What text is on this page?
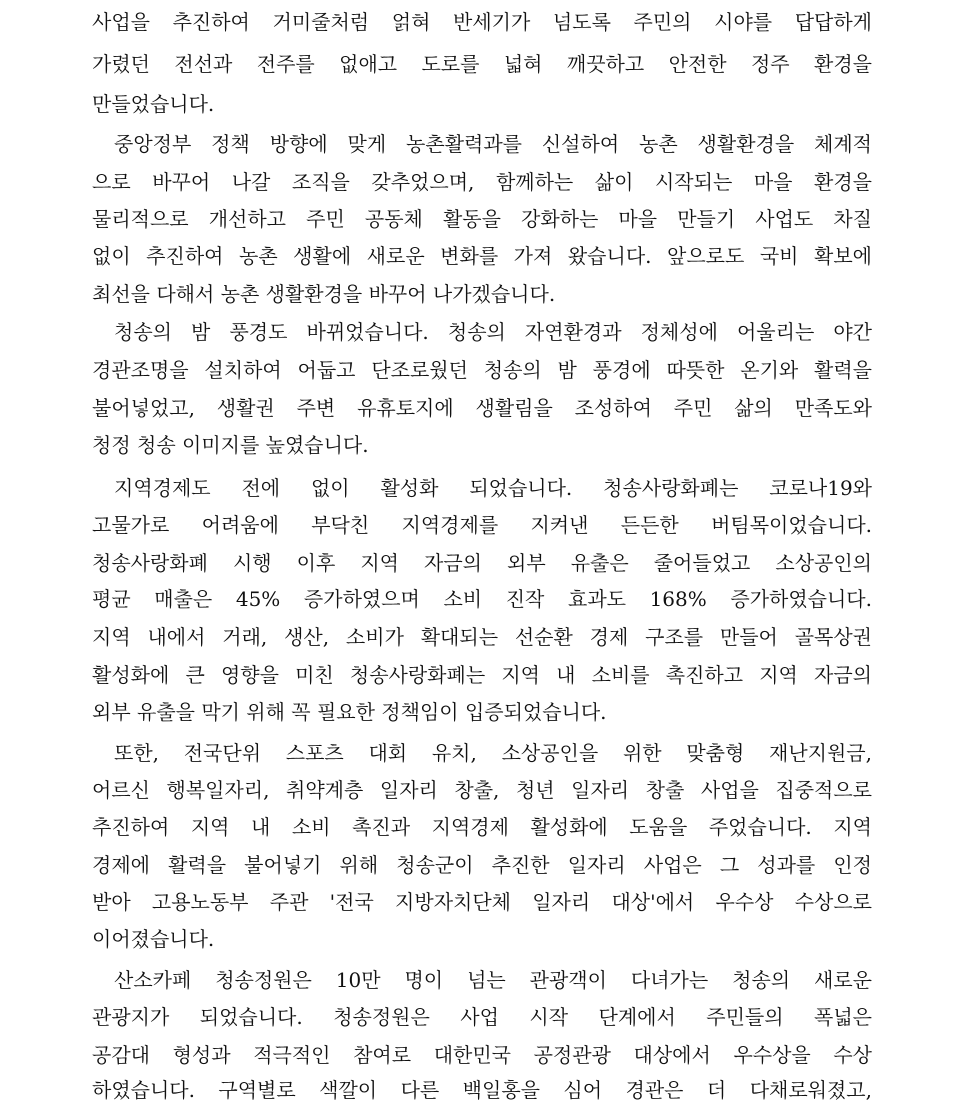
사업을 추진하여 거미줄처럼 얽혀 반세기가 넘도록 주민의 시야를 답답하게
가렸던 전선과 전주를 없애고 도로를 넓혀 깨끗하고 안전한 정주 환경을
만들었습니다.
중앙정부 정책 방향에 맞게 농촌활력과를 신설하여 농촌 생활환경을 체계적
으로 바꾸어 나갈 조직을 갖추었으며, 함께하는 삶이 시작되는 마을 환경을
물리적으로 개선하고 주민 공동체 활동을 강화하는 마을 만들기 사업도 차질
없이 추진하여 농촌 생활에 새로운 변화를 가져 왔습니다. 앞으로도 국비 확보에
최선을 다해서 농촌 생활환경을 바꾸어 나가겠습니다.
청송의 밤 풍경도 바뀌었습니다. 청송의 자연환경과 정체성에 어울리는 야간
경관조명을 설치하여 어둡고 단조로웠던 청송의 밤 풍경에 따뜻한 온기와 활력을
불어넣었고, 생활권 주변 유휴토지에 생활림을 조성하여 주민 삶의 만족도와
청정 청송 이미지를 높였습니다.
지역경제도 전에 없이 활성화 되었습니다. 청송사랑화폐는 코로나19와
고물가로 어려움에 부닥친 지역경제를 지켜낸 든든한 버팀목이었습니다.
청송사랑화폐 시행 이후 지역 자금의 외부 유출은 줄어들었고 소상공인의
평균 매출은 45% 증가하였으며 소비 진작 효과도 168% 증가하였습니다.
지역 내에서 거래, 생산, 소비가 확대되는 선순환 경제 구조를 만들어 골목상권
활성화에 큰 영향을 미친 청송사랑화폐는 지역 내 소비를 촉진하고 지역 자금의
외부 유출을 막기 위해 꼭 필요한 정책임이 입증되었습니다.
또한, 전국단위 스포츠 대회 유치, 소상공인을 위한 맞춤형 재난지원금,
어르신 행복일자리, 취약계층 일자리 창출, 청년 일자리 창출 사업을 집중적으로
추진하여 지역 내 소비 촉진과 지역경제 활성화에 도움을 주었습니다. 지역
경제에 활력을 불어넣기 위해 청송군이 추진한 일자리 사업은 그 성과를 인정
받아 고용노동부 주관 '전국 지방자치단체 일자리 대상'에서 우수상 수상으로
이어졌습니다.
산소카페 청송정원은 10만 명이 넘는 관광객이 다녀가는 청송의 새로운
관광지가 되었습니다. 청송정원은 사업 시작 단계에서 주민들의 폭넓은
공감대 형성과 적극적인 참여로 대한민국 공정관광 대상에서 우수상을 수상
하였습니다. 구역별로 색깔이 다른 백일홍을 심어 경관은 더 다채로워졌고,
